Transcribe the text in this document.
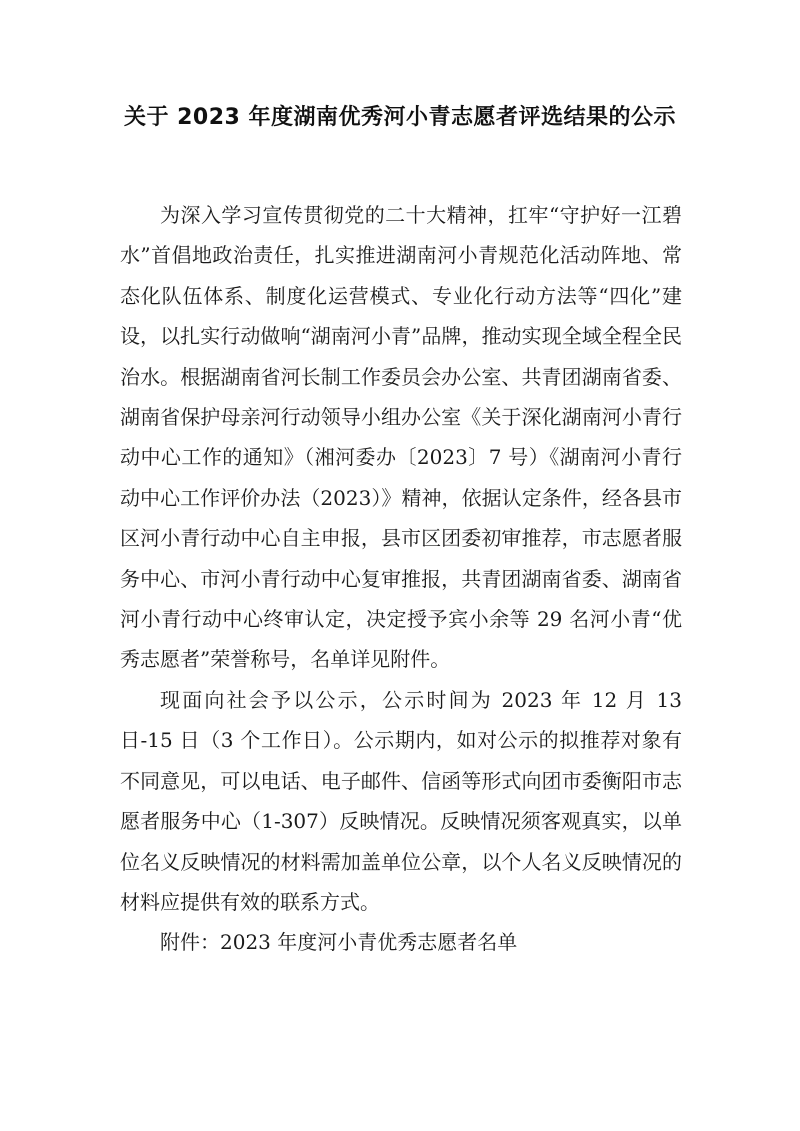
关于 2023 年度湖南优秀河小青志愿者评选结果的公示

为深入学习宣传贯彻党的二十大精神，扛牢“守护好一江碧水”首倡地政治责任，扎实推进湖南河小青规范化活动阵地、常态化队伍体系、制度化运营模式、专业化行动方法等“四化”建设，以扎实行动做响“湖南河小青”品牌，推动实现全域全程全民治水。根据湖南省河长制工作委员会办公室、共青团湖南省委、湖南省保护母亲河行动领导小组办公室《关于深化湖南河小青行动中心工作的通知》（湘河委办〔2023〕7 号）《湖南河小青行动中心工作评价办法（2023）》精神，依据认定条件，经各县市区河小青行动中心自主申报，县市区团委初审推荐，市志愿者服务中心、市河小青行动中心复审推报，共青团湖南省委、湖南省河小青行动中心终审认定，决定授予宾小余等 29 名河小青“优秀志愿者”荣誉称号，名单详见附件。

现面向社会予以公示，公示时间为 2023 年 12 月 13 日-15 日（3 个工作日）。公示期内，如对公示的拟推荐对象有不同意见，可以电话、电子邮件、信函等形式向团市委衡阳市志愿者服务中心（1-307）反映情况。反映情况须客观真实，以单位名义反映情况的材料需加盖单位公章，以个人名义反映情况的材料应提供有效的联系方式。

附件：2023 年度河小青优秀志愿者名单
